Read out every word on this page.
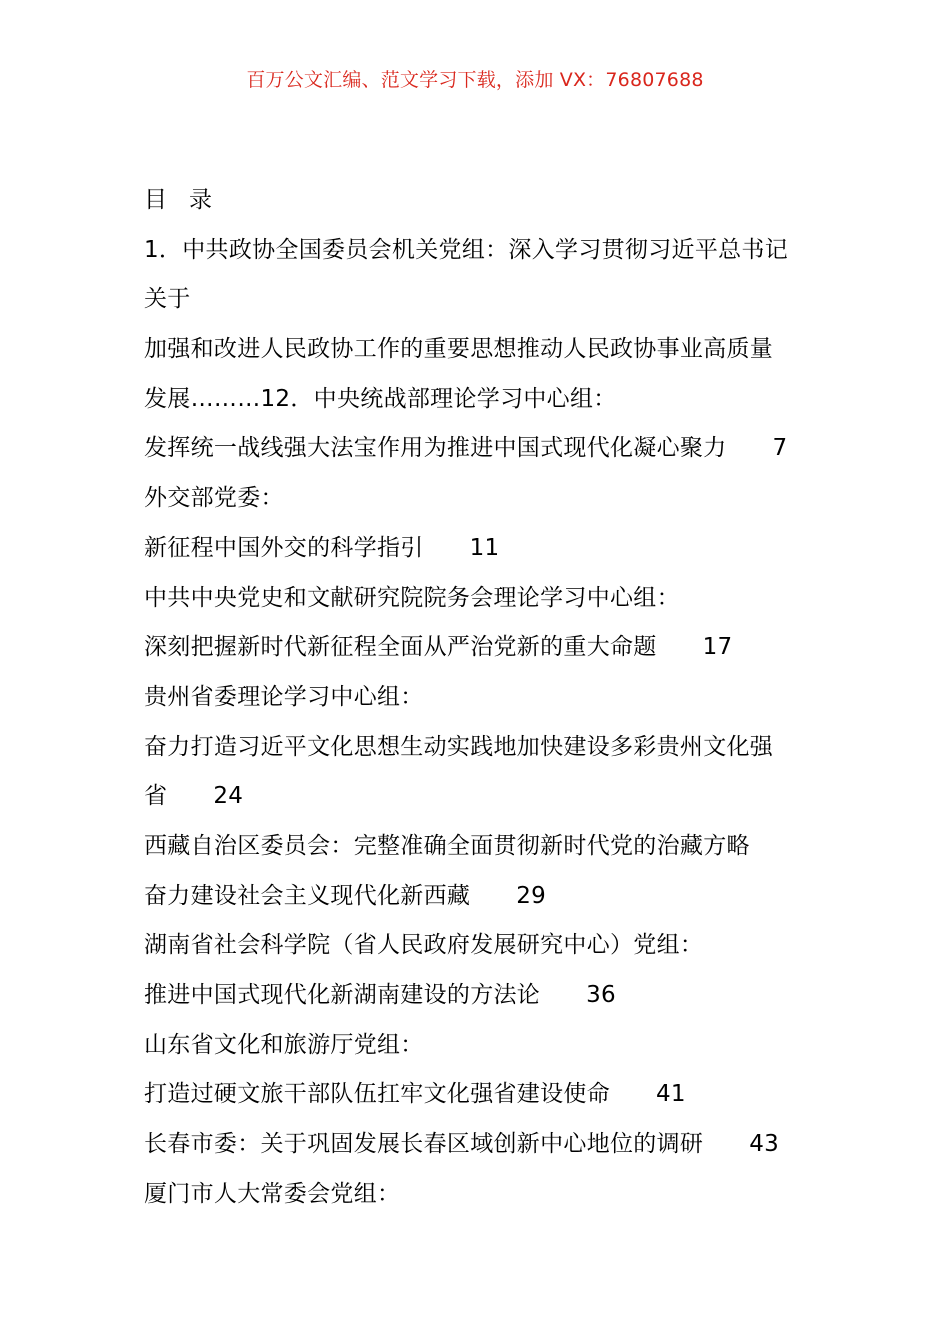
百万公文汇编、范文学习下载，添加 VX：76807688
目录
1．中共政协全国委员会机关党组：深入学习贯彻习近平总书记
关于
加强和改进人民政协工作的重要思想推动人民政协事业高质量
发展………12．中央统战部理论学习中心组：
发挥统一战线强大法宝作用为推进中国式现代化凝心聚力 7
外交部党委：
新征程中国外交的科学指引 11
中共中央党史和文献研究院院务会理论学习中心组：
深刻把握新时代新征程全面从严治党新的重大命题 17
贵州省委理论学习中心组：
奋力打造习近平文化思想生动实践地加快建设多彩贵州文化强
省 24
西藏自治区委员会：完整准确全面贯彻新时代党的治藏方略
奋力建设社会主义现代化新西藏 29
湖南省社会科学院（省人民政府发展研究中心）党组：
推进中国式现代化新湖南建设的方法论 36
山东省文化和旅游厅党组：
打造过硬文旅干部队伍扛牢文化强省建设使命 41
长春市委：关于巩固发展长春区域创新中心地位的调研 43
厦门市人大常委会党组：
